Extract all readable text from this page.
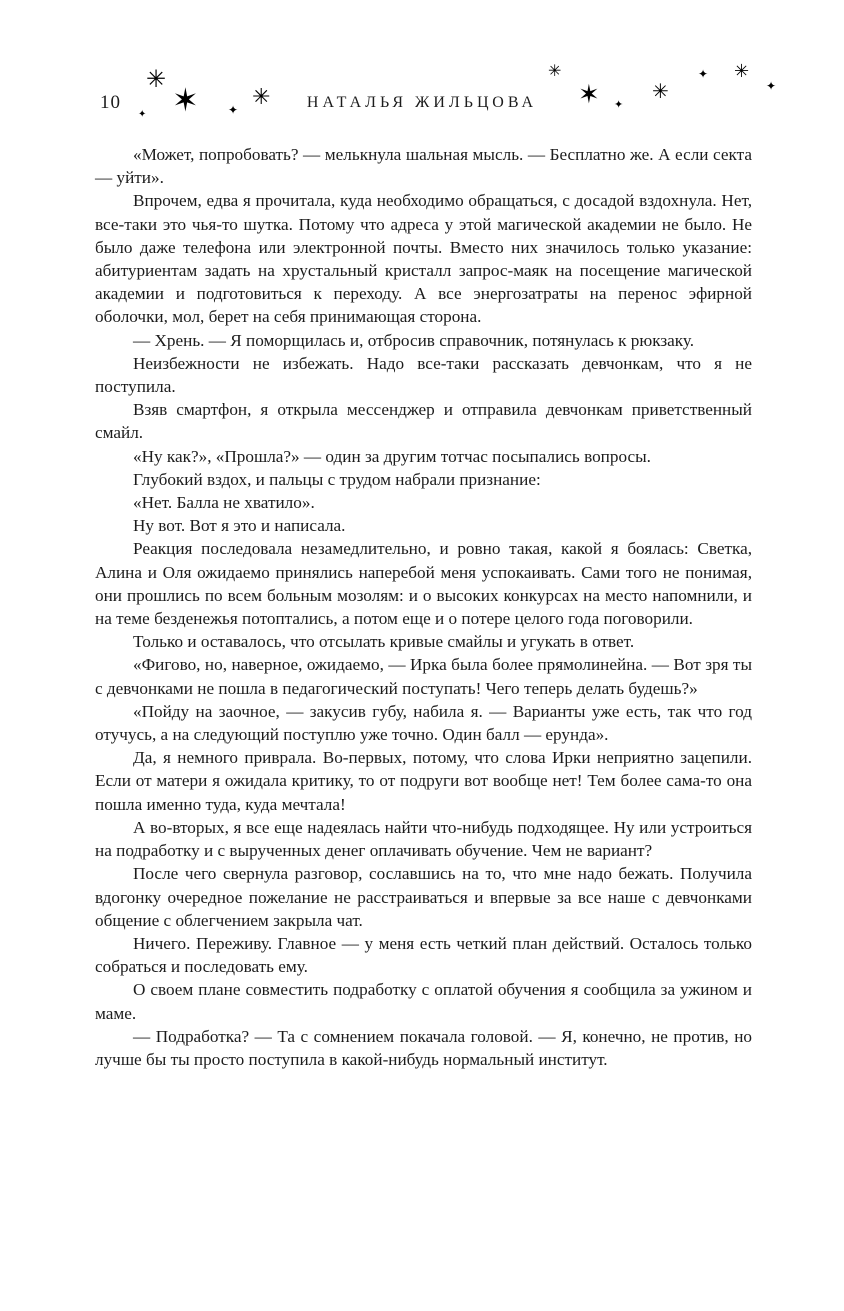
10	НАТАЛЬЯ ЖИЛЬЦОВА
✳
✶ ✦
✳
✦
✳
✶ ✦
✳
✦ ✳
✦

«Может, попробовать? — мелькнула шальная мысль. — Бесплатно же. А если секта — уйти».

Впрочем, едва я прочитала, куда необходимо обращаться, с досадой вздохнула. Нет, все-таки это чья-то шутка. Потому что адреса у этой магической академии не было. Не было даже телефона или электронной почты. Вместо них значилось только указание: абитуриентам задать на хрустальный кристалл запрос-маяк на посещение магической академии и подготовиться к переходу. А все энергозатраты на перенос эфирной оболочки, мол, берет на себя принимающая сторона.

— Хрень. — Я поморщилась и, отбросив справочник, потянулась к рюкзаку.

Неизбежности не избежать. Надо все-таки рассказать девчонкам, что я не поступила.

Взяв смартфон, я открыла мессенджер и отправила девчонкам приветственный смайл.

«Ну как?», «Прошла?» — один за другим тотчас посыпались вопросы.

Глубокий вздох, и пальцы с трудом набрали признание:

«Нет. Балла не хватило».

Ну вот. Вот я это и написала.

Реакция последовала незамедлительно, и ровно такая, какой я боялась: Светка, Алина и Оля ожидаемо принялись наперебой меня успокаивать. Сами того не понимая, они прошлись по всем больным мозолям: и о высоких конкурсах на место напомнили, и на теме безденежья потоптались, а потом еще и о потере целого года поговорили.

Только и оставалось, что отсылать кривые смайлы и угукать в ответ.

«Фигово, но, наверное, ожидаемо, — Ирка была более прямолинейна. — Вот зря ты с девчонками не пошла в педагогический поступать! Чего теперь делать будешь?»

«Пойду на заочное, — закусив губу, набила я. — Варианты уже есть, так что год отучусь, а на следующий поступлю уже точно. Один балл — ерунда».

Да, я немного приврала. Во-первых, потому, что слова Ирки неприятно зацепили. Если от матери я ожидала критику, то от подруги вот вообще нет! Тем более сама-то она пошла именно туда, куда мечтала!

А во-вторых, я все еще надеялась найти что-нибудь подходящее. Ну или устроиться на подработку и с вырученных денег оплачивать обучение. Чем не вариант?

После чего свернула разговор, сославшись на то, что мне надо бежать. Получила вдогонку очередное пожелание не расстраиваться и впервые за все наше с девчонками общение с облегчением закрыла чат.

Ничего. Переживу. Главное — у меня есть четкий план действий. Осталось только собраться и последовать ему.

О своем плане совместить подработку с оплатой обучения я сообщила за ужином и маме.

— Подработка? — Та с сомнением покачала головой. — Я, конечно, не против, но лучше бы ты просто поступила в какой-нибудь нормальный институт.
